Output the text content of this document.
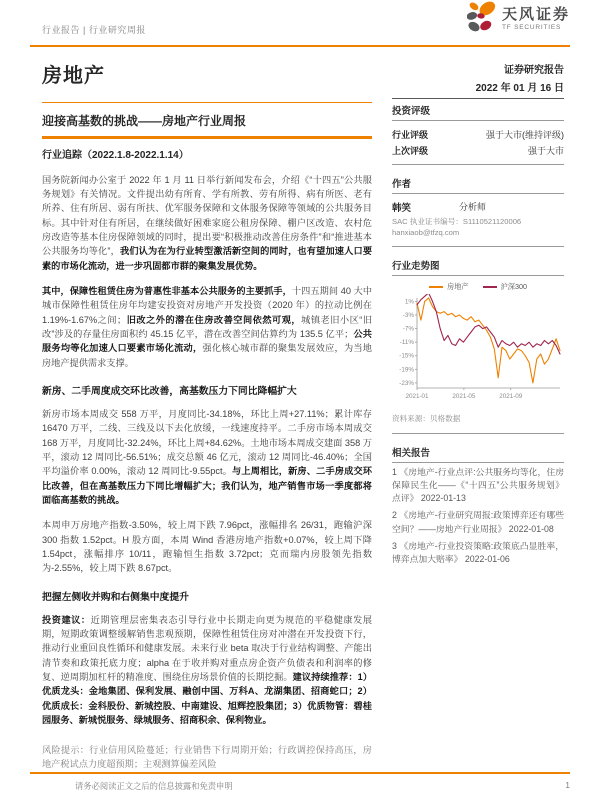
行业报告 | 行业研究周报
天风证券
TF SECURITIES
房地产
迎接高基数的挑战——房地产行业周报
行业追踪（2022.1.8-2022.1.14）

国务院新闻办公室于 2022 年 1 月 11 日举行新闻发布会，介绍《“十四五”公共服务规划》有关情况。文件提出幼有所育、学有所教、劳有所得、病有所医、老有所养、住有所居、弱有所扶、优军服务保障和文体服务保障等领域的公共服务目标。其中针对住有所居，在继续做好困难家庭公租房保障、棚户区改造、农村危房改造等基本住房保障领域的同时，提出要“积极推动改善住房条件”和“推进基本公共服务均等化”，我们认为在为行业转型激活新空间的同时，也有望加速人口要素的市场化流动，进一步巩固都市群的聚集发展优势。

其中，保障性租赁住房为普惠性非基本公共服务的主要抓手，十四五期间 40 大中城市保障性租赁住房年均建安投资对房地产开发投资（2020 年）的拉动比例在 1.19%-1.67%之间；旧改之外的潜在住房改善空间依然可观，城镇老旧小区“旧改”涉及的存量住房面积约 45.15 亿平，潜在改善空间估算约为 135.5 亿平；公共服务均等化加速人口要素市场化流动，强化核心城市群的聚集发展效应，为当地房地产提供需求支撑。

新房、二手周度成交环比改善，高基数压力下同比降幅扩大

新房市场本周成交 558 万平，月度同比-34.18%，环比上周+27.11%；累计库存 16470 万平，二线、三线及以下去化放缓，一线速度持平。二手房市场本周成交 168 万平，月度同比-32.24%，环比上周+84.62%。土地市场本周成交建面 358 万平，滚动 12 周同比-56.51%；成交总额 46 亿元，滚动 12 周同比-46.40%；全国平均溢价率 0.00%，滚动 12 周同比-9.55pct。与上周相比，新房、二手房成交环比改善，但在高基数压力下同比增幅扩大；我们认为，地产销售市场一季度都将面临高基数的挑战。

本周申万房地产指数-3.50%，较上周下跌 7.96pct，涨幅排名 26/31，跑输沪深 300 指数 1.52pct。H 股方面，本周 Wind 香港房地产指数+0.07%，较上周下降 1.54pct，涨幅排序 10/11，跑输恒生指数 3.72pct；克而瑞内房股领先指数为-2.55%，较上周下跌 8.67pct。

把握左侧收并购和右侧集中度提升

投资建议：近期管理层密集表态引导行业中长期走向更为规范的平稳健康发展期，短期政策调整缓解销售悲观预期，保障性租赁住房对冲潜在开发投资下行，推动行业重回良性循环和健康发展。未来行业 beta 取决于行业结构调整、产能出清节奏和政策托底力度；alpha 在于收并购对重点房企资产负债表和利润率的修复、逆周期加杠杆的精准度、围绕住房场景价值的长期挖掘。建议持续推荐：1）优质龙头：金地集团、保利发展、融创中国、万科A、龙湖集团、招商蛇口；2）优质成长：金科股份、新城控股、中南建设、旭辉控股集团；3）优质物管：碧桂园服务、新城悦服务、绿城服务、招商积余、保利物业。

风险提示：行业信用风险蔓延；行业销售下行周期开始；行政调控保持高压，房地产税试点力度超预期；主观测算偏差风险

证券研究报告
2022 年 01 月 16 日
投资评级
行业评级	强于大市(维持评级)
上次评级	强于大市
作者
韩笑	分析师
SAC 执业证书编号：S1110521120006
hanxiaob@tfzq.com
行业走势图
房地产	沪深300
1%
-3%
-7%
-11%
-15%
-19%
-23%
2021-01	2021-05	2021-09
资料来源：贝格数据
相关报告
1 《房地产-行业点评:公共服务均等化，住房保障民生化——《“十四五”公共服务规划》点评》 2022-01-13
2 《房地产-行业研究周报:政策博弈还有哪些空间？——房地产行业周报》 2022-01-08
3 《房地产-行业投资策略:政策底凸显胜率，博弈点加大赔率》 2022-01-06
请务必阅读正文之后的信息披露和免责申明	1
